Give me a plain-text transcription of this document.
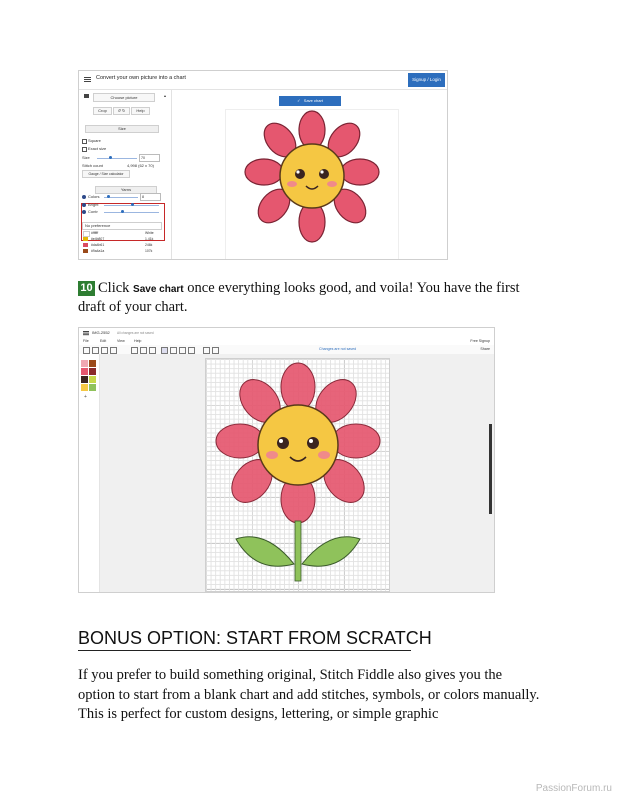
Convert your own picture into a chart	Signup / Login
Choose picture	▴
Crop	↺ ↻	Help
Size
Square
Exact size
Size	70
Stitch count	4,998 (62 x 70)
Gauge / Size calculator
Yarns
Colors	8
Bright
Contr
No preference
#ffffff	White
#e4b807	1.41k
#da4b61	246k
#9a4a1a	107k
✓ Save chart
10 Click Save chart once everything looks good, and voila! You have the first draft of your chart.
IMG-2552 All changes are not saved
File	Edit	View	Help	Free Signup
Changes are not saved	Share
+
BONUS OPTION: START FROM SCRATCH
If you prefer to build something original, Stitch Fiddle also gives you the option to start from a blank chart and add stitches, symbols, or colors manually. This is perfect for custom designs, lettering, or simple graphic
PassionForum.ru
